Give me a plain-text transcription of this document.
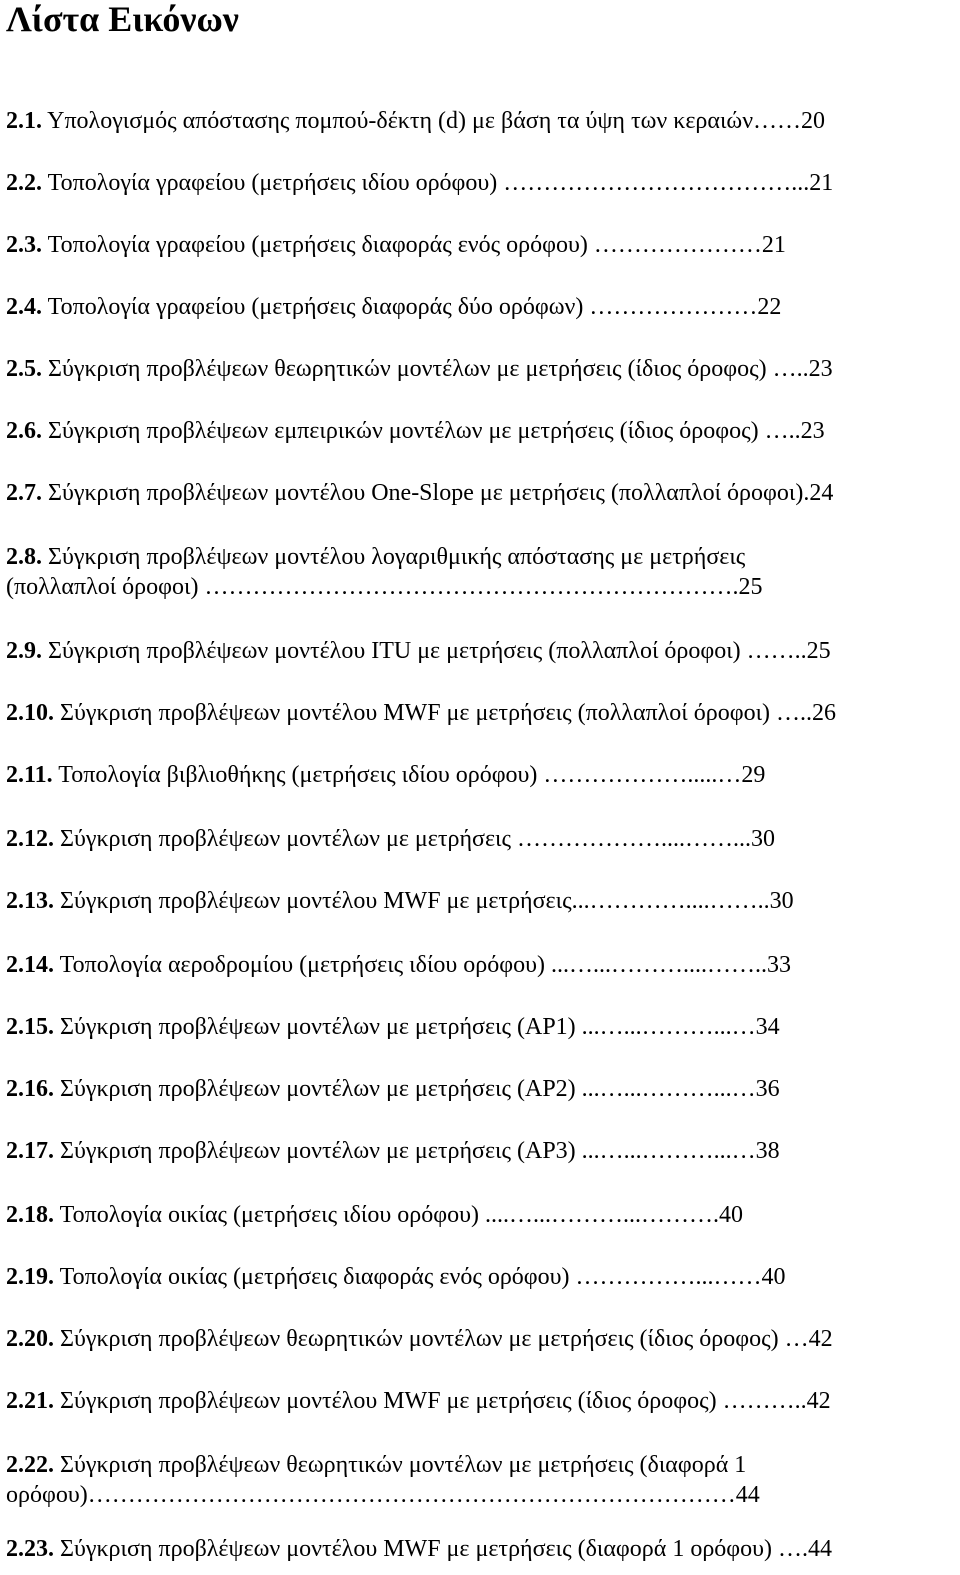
Λίστα Εικόνων
2.1. Υπολογισμός απόστασης πομπού-δέκτη (d) με βάση τα ύψη των κεραιών……20
2.2. Τοπολογία γραφείου (μετρήσεις ιδίου ορόφου) ………………………………...21
2.3. Τοπολογία γραφείου (μετρήσεις διαφοράς ενός ορόφου) …………………21
2.4. Τοπολογία γραφείου (μετρήσεις διαφοράς δύο ορόφων) …………………22
2.5. Σύγκριση προβλέψεων θεωρητικών μοντέλων με μετρήσεις (ίδιος όροφος) …..23
2.6. Σύγκριση προβλέψεων εμπειρικών μοντέλων με μετρήσεις (ίδιος όροφος) …..23
2.7. Σύγκριση προβλέψεων μοντέλου One-Slope με μετρήσεις (πολλαπλοί όροφοι).24
2.8. Σύγκριση προβλέψεων μοντέλου λογαριθμικής απόστασης με μετρήσεις
(πολλαπλοί όροφοι) ………………………………………………………….25
2.9. Σύγκριση προβλέψεων μοντέλου ITU με μετρήσεις (πολλαπλοί όροφοι) ……..25
2.10. Σύγκριση προβλέψεων μοντέλου MWF με μετρήσεις (πολλαπλοί όροφοι) …..26
2.11. Τοπολογία βιβλιοθήκης (μετρήσεις ιδίου ορόφου) ……………….....…29
2.12. Σύγκριση προβλέψεων μοντέλων με μετρήσεις ………………....……...30
2.13. Σύγκριση προβλέψεων μοντέλου MWF με μετρήσεις...…………....……..30
2.14. Τοπολογία αεροδρομίου (μετρήσεις ιδίου ορόφου) ...…...………....……..33
2.15. Σύγκριση προβλέψεων μοντέλων με μετρήσεις (AP1) ...…...………...…34
2.16. Σύγκριση προβλέψεων μοντέλων με μετρήσεις (AP2) ...…...………...…36
2.17. Σύγκριση προβλέψεων μοντέλων με μετρήσεις (AP3) ...…...………...…38
2.18. Τοπολογία οικίας (μετρήσεις ιδίου ορόφου) ....…...………...……….40
2.19. Τοπολογία οικίας (μετρήσεις διαφοράς ενός ορόφου) ……………...……40
2.20. Σύγκριση προβλέψεων θεωρητικών μοντέλων με μετρήσεις (ίδιος όροφος) …42
2.21. Σύγκριση προβλέψεων μοντέλου MWF με μετρήσεις (ίδιος όροφος) ………..42
2.22. Σύγκριση προβλέψεων θεωρητικών μοντέλων με μετρήσεις (διαφορά 1
ορόφου)………………………………………………………………………44
2.23. Σύγκριση προβλέψεων μοντέλου MWF με μετρήσεις (διαφορά 1 ορόφου) ….44
